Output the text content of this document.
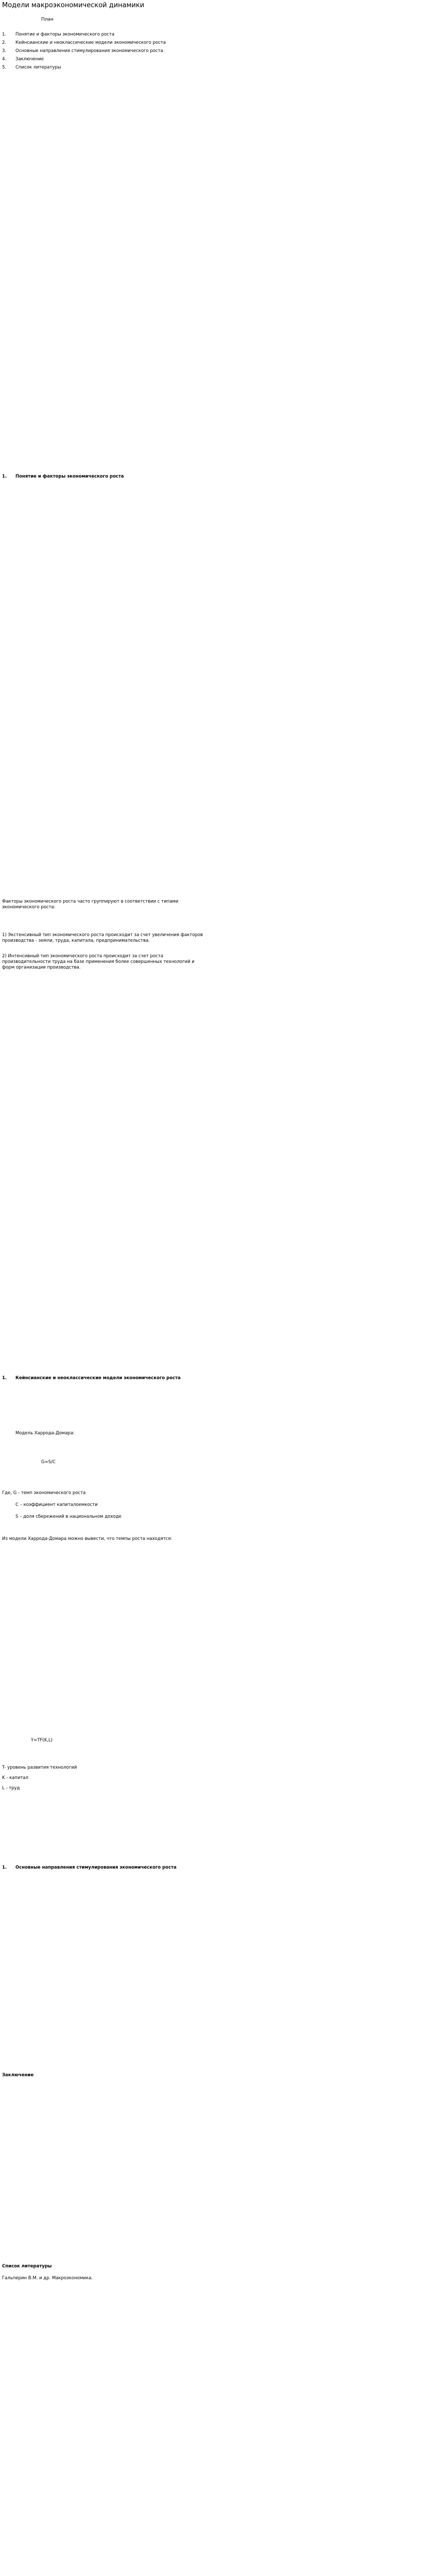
Модели макроэкономической динамики
План
1. Понятие и факторы экономического роста
2. Кейнсианские и неоклассические модели экономического роста
3. Основные направления стимулирования экономического роста
4. Заключение
5. Список литературы
1. Понятие и факторы экономического роста

Факторы экономического роста часто группируют в соответствии с типами экономического роста:

1) Экстенсивный тип экономического роста происходит за счет увеличения факторов производства - земли, труда, капитала, предпринимательства.

2) Интенсивный тип экономического роста происходит за счет роста производительности труда на базе применения более совершенных технологий и форм организации производства.

1. Кейнсианские и неоклассические модели экономического роста
Модель Харрода-Домара:
G=S/C
Где, G - темп экономического роста
C – коэффициент капиталоемкости
S – доля сбережений в национальном доходе

Из модели Харрода-Домара можно вывести, что темпы роста находятся:

Y=TF(K,L)
T- уровень развития технологий
K - капитал
L - труд
1. Основные направления стимулирования экономического роста
Заключение
Список литературы

Гальперин В.М. и др. Макроэкономика.
